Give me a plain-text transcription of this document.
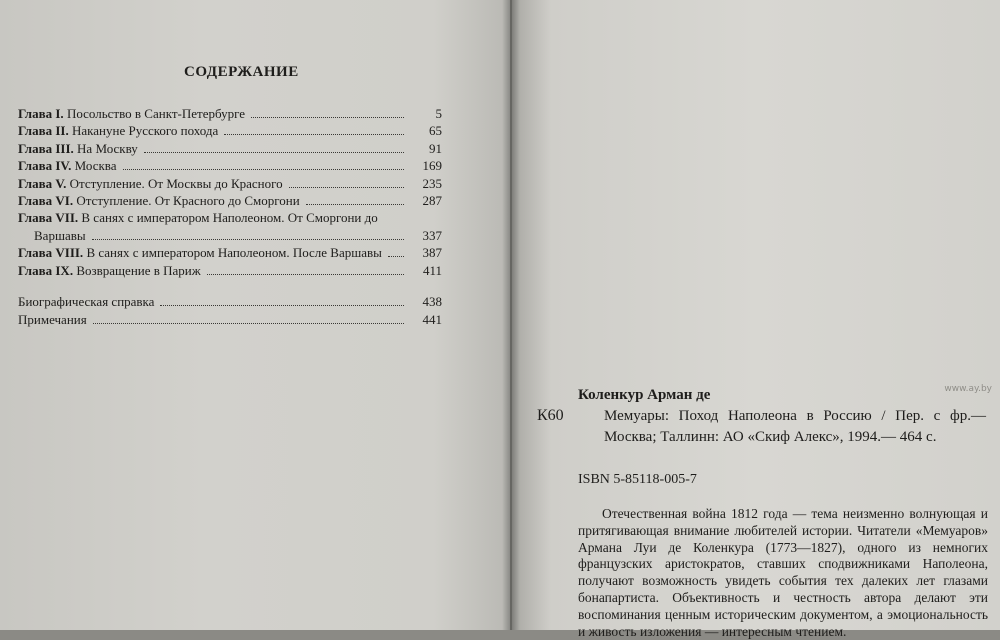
СОДЕРЖАНИЕ
Глава I. Посольство в Санкт-Петербурге	5
Глава II. Накануне Русского похода	65
Глава III. На Москву	91
Глава IV. Москва	169
Глава V. Отступление. От Москвы до Красного	235
Глава VI. Отступление. От Красного до Сморгони	287
Глава VII. В санях с императором Наполеоном. От Сморгони до
Варшавы	337
Глава VIII. В санях с императором Наполеоном. После Варшавы	387
Глава IX. Возвращение в Париж	411
Биографическая справка	438
Примечания	441
Коленкур Арман де
К60	Мемуары: Поход Наполеона в Россию / Пер. с фр.— Москва; Таллинн: АО «Скиф Алекс», 1994.— 464 с.
ISBN 5-85118-005-7
Отечественная война 1812 года — тема неизменно волнующая и притягивающая внимание любителей истории. Читатели «Мемуаров» Армана Луи де Коленкура (1773—1827), одного из немногих французских аристократов, ставших сподвижниками Наполеона, получают возможность увидеть события тех далеких лет глазами бонапартиста. Объективность и честность автора делают эти воспоминания ценным историческим документом, а эмоциональность и живость изложения — интересным чтением.
www.ay.by
